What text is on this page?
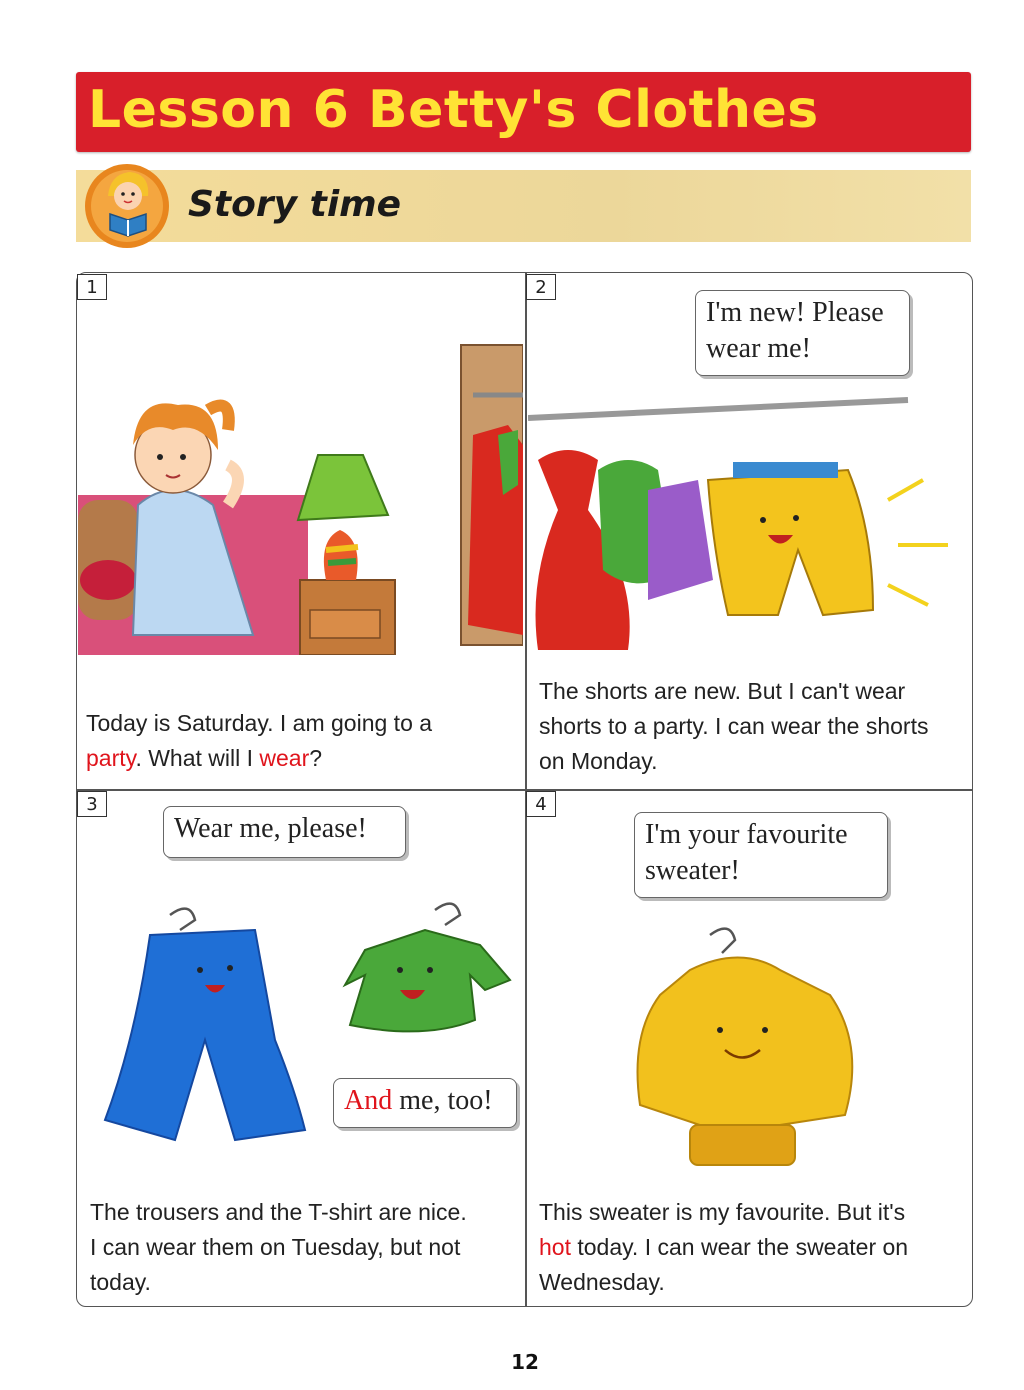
Lesson 6 Betty's Clothes
Story time
1	2
3	4
I'm new! Please
wear me!
Wear me, please!
And me, too!
I'm your favourite
sweater!
Today is Saturday. I am going to a
party. What will I wear?
The shorts are new. But I can't wear
shorts to a party. I can wear the shorts
on Monday.
The trousers and the T-shirt are nice.
I can wear them on Tuesday, but not
today.
This sweater is my favourite. But it's
hot today. I can wear the sweater on
Wednesday.
12
